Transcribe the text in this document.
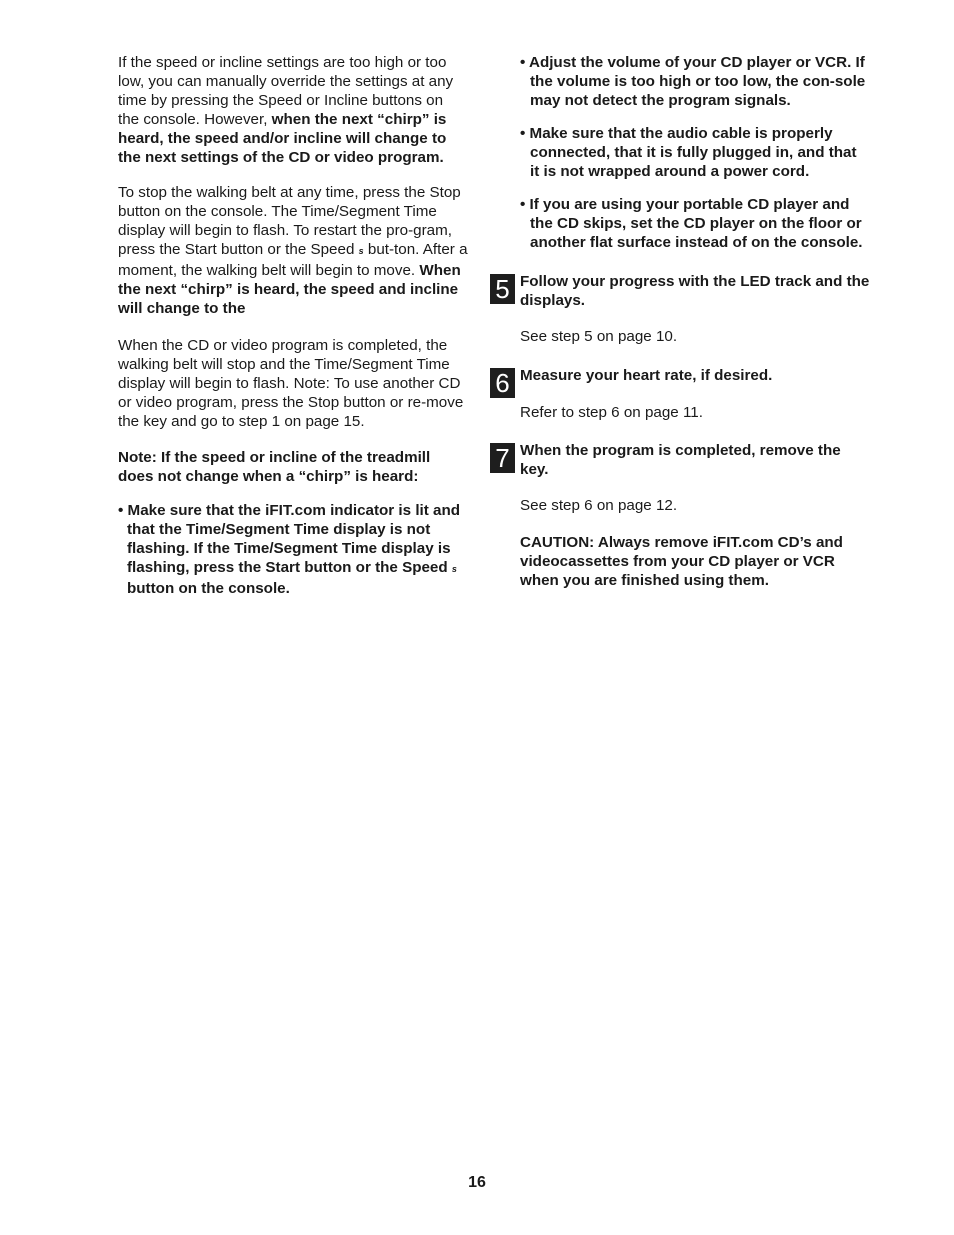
If the speed or incline settings are too high or too low, you can manually override the settings at any time by pressing the Speed or Incline buttons on the console. However, when the next “chirp” is heard, the speed and/or incline will change to the next settings of the CD or video program.

To stop the walking belt at any time, press the Stop button on the console. The Time/Segment Time display will begin to flash. To restart the pro-gram, press the Start button or the Speed s but-ton. After a moment, the walking belt will begin to move. When the next “chirp” is heard, the speed and incline will change to the

When the CD or video program is completed, the walking belt will stop and the Time/Segment Time display will begin to flash. Note: To use another CD or video program, press the Stop button or re-move the key and go to step 1 on page 15.

Note: If the speed or incline of the treadmill does not change when a “chirp” is heard:

• Make sure that the iFIT.com indicator is lit and that the Time/Segment Time display is not flashing. If the Time/Segment Time display is flashing, press the Start button or the Speed s button on the console.

• Adjust the volume of your CD player or VCR. If the volume is too high or too low, the con-sole may not detect the program signals.

• Make sure that the audio cable is properly connected, that it is fully plugged in, and that it is not wrapped around a power cord.

• If you are using your portable CD player and the CD skips, set the CD player on the floor or another flat surface instead of on the console.

5 Follow your progress with the LED track and the displays.

See step 5 on page 10.

6 Measure your heart rate, if desired.

Refer to step 6 on page 11.

7 When the program is completed, remove the key.

See step 6 on page 12.

CAUTION: Always remove iFIT.com CD’s and videocassettes from your CD player or VCR when you are finished using them.

16
